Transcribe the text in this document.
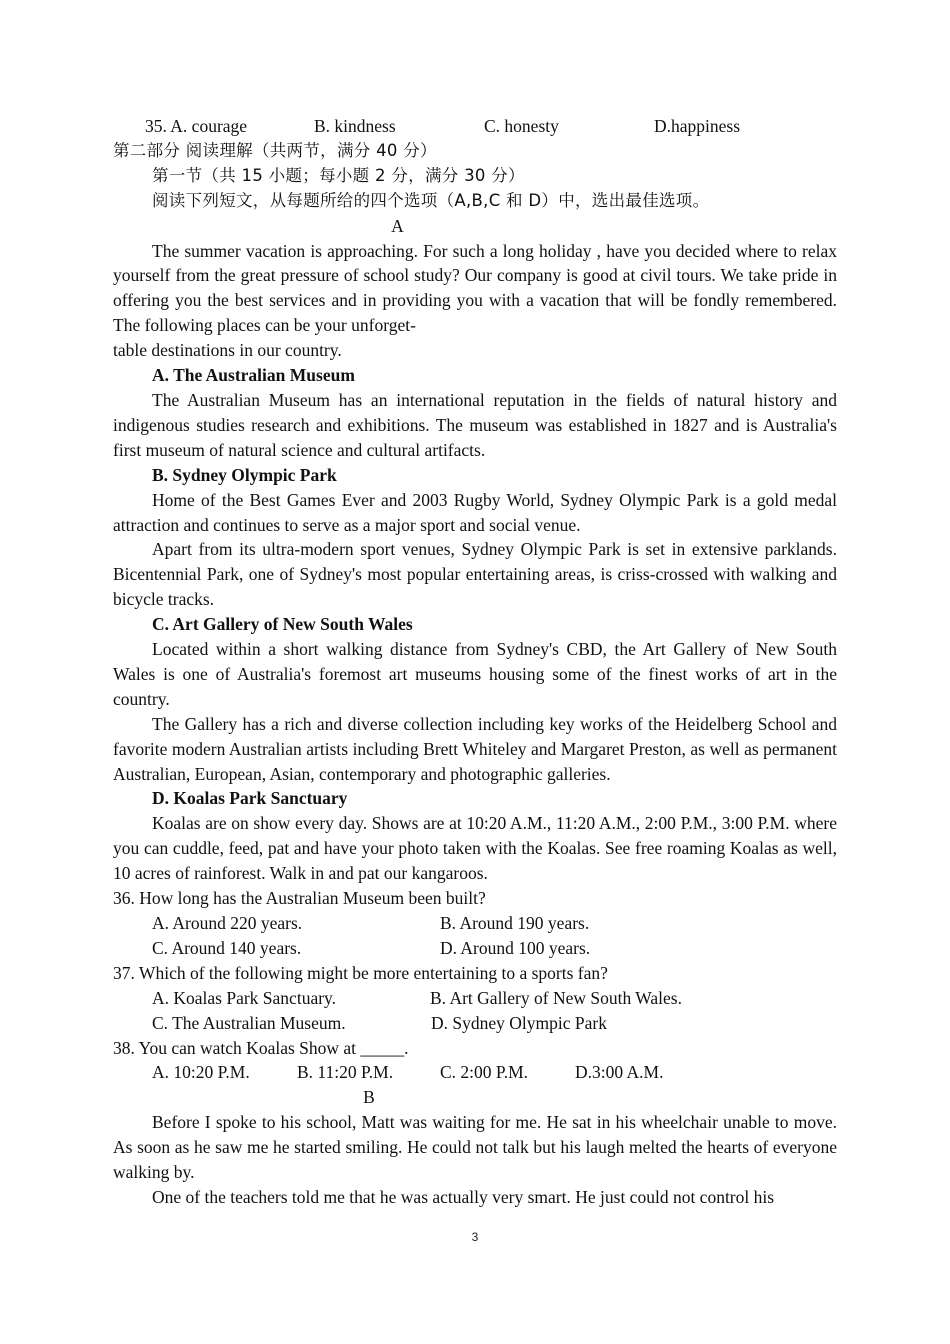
35. A. courage	B. kindness	C. honesty	D.happiness

第二部分 阅读理解（共两节，满分 40 分）

第一节（共 15 小题；每小题 2 分，满分 30 分）

阅读下列短文，从每题所给的四个选项（A,B,C 和 D）中，选出最佳选项。

A

The summer vacation is approaching. For such a long holiday , have you decided where to relax yourself from the great pressure of school study? Our company is good at civil tours. We take pride in offering you the best services and in providing you with a vacation that will be fondly remembered. The following places can be your unforget-

table destinations in our country.

A. The Australian Museum

The Australian Museum has an international reputation in the fields of natural history and indigenous studies research and exhibitions. The museum was established in 1827 and is Australia's first museum of natural science and cultural artifacts.

B. Sydney Olympic Park

Home of the Best Games Ever and 2003 Rugby World, Sydney Olympic Park is a gold medal attraction and continues to serve as a major sport and social venue.

Apart from its ultra-modern sport venues, Sydney Olympic Park is set in extensive parklands. Bicentennial Park, one of Sydney's most popular entertaining areas, is criss-crossed with walking and bicycle tracks.

C. Art Gallery of New South Wales

Located within a short walking distance from Sydney's CBD, the Art Gallery of New South Wales is one of Australia's foremost art museums housing some of the finest works of art in the country.

The Gallery has a rich and diverse collection including key works of the Heidelberg School and favorite modern Australian artists including Brett Whiteley and Margaret Preston, as well as permanent Australian, European, Asian, contemporary and photographic galleries.

D. Koalas Park Sanctuary

Koalas are on show every day. Shows are at 10:20 A.M., 11:20 A.M., 2:00 P.M., 3:00 P.M. where you can cuddle, feed, pat and have your photo taken with the Koalas. See free roaming Koalas as well, 10 acres of rainforest. Walk in and pat our kangaroos.

36. How long has the Australian Museum been built?

A. Around 220 years.	B. Around 190 years.

C. Around 140 years.	D. Around 100 years.

37. Which of the following might be more entertaining to a sports fan?

A. Koalas Park Sanctuary.	B. Art Gallery of New South Wales.

C. The Australian Museum.	D. Sydney Olympic Park

38. You can watch Koalas Show at _____.

A. 10:20 P.M.	B. 11:20 P.M.	C. 2:00 P.M.	D.3:00 A.M.

B

Before I spoke to his school, Matt was waiting for me. He sat in his wheelchair unable to move. As soon as he saw me he started smiling. He could not talk but his laugh melted the hearts of everyone walking by.

One of the teachers told me that he was actually very smart. He just could not control his

3
